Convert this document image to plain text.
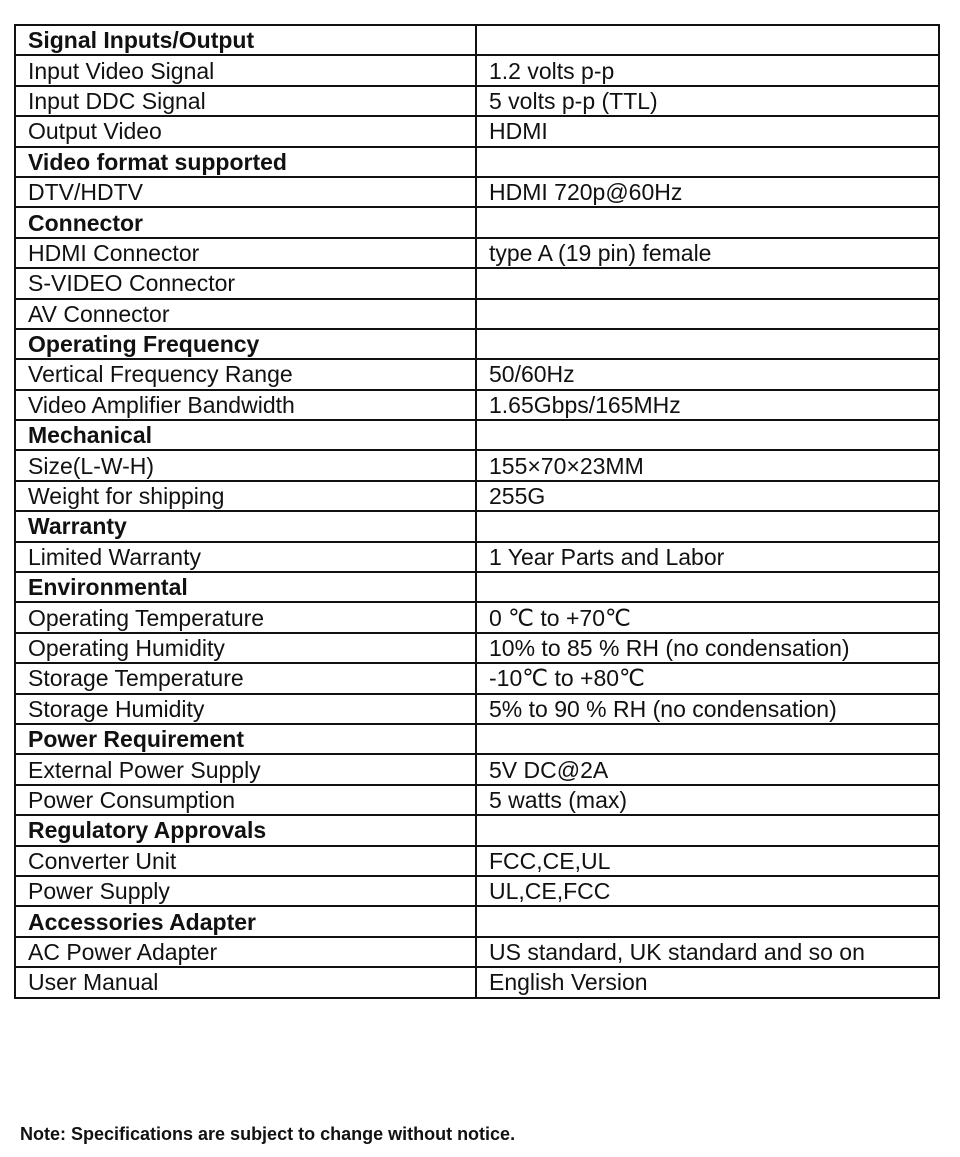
Signal Inputs/Output	
Input Video Signal	1.2 volts p-p
Input DDC Signal	5 volts p-p (TTL)
Output Video	HDMI
Video format supported	
DTV/HDTV	HDMI 720p@60Hz
Connector	
HDMI Connector	type A (19 pin) female
S-VIDEO Connector	
AV Connector	
Operating Frequency	
Vertical Frequency Range	50/60Hz
Video Amplifier Bandwidth	1.65Gbps/165MHz
Mechanical	
Size(L-W-H)	155×70×23MM
Weight for shipping	255G
Warranty	
Limited Warranty	1 Year Parts and Labor
Environmental	
Operating Temperature	0 ℃ to +70℃
Operating Humidity	10% to 85 % RH (no condensation)
Storage Temperature	-10℃ to +80℃
Storage Humidity	5% to 90 % RH (no condensation)
Power Requirement	
External Power Supply	5V DC@2A
Power Consumption	5 watts (max)
Regulatory Approvals	
Converter Unit	FCC,CE,UL
Power Supply	UL,CE,FCC
Accessories Adapter	
AC Power Adapter	US standard, UK standard and so on
User Manual	English Version
Note: Specifications are subject to change without notice.
